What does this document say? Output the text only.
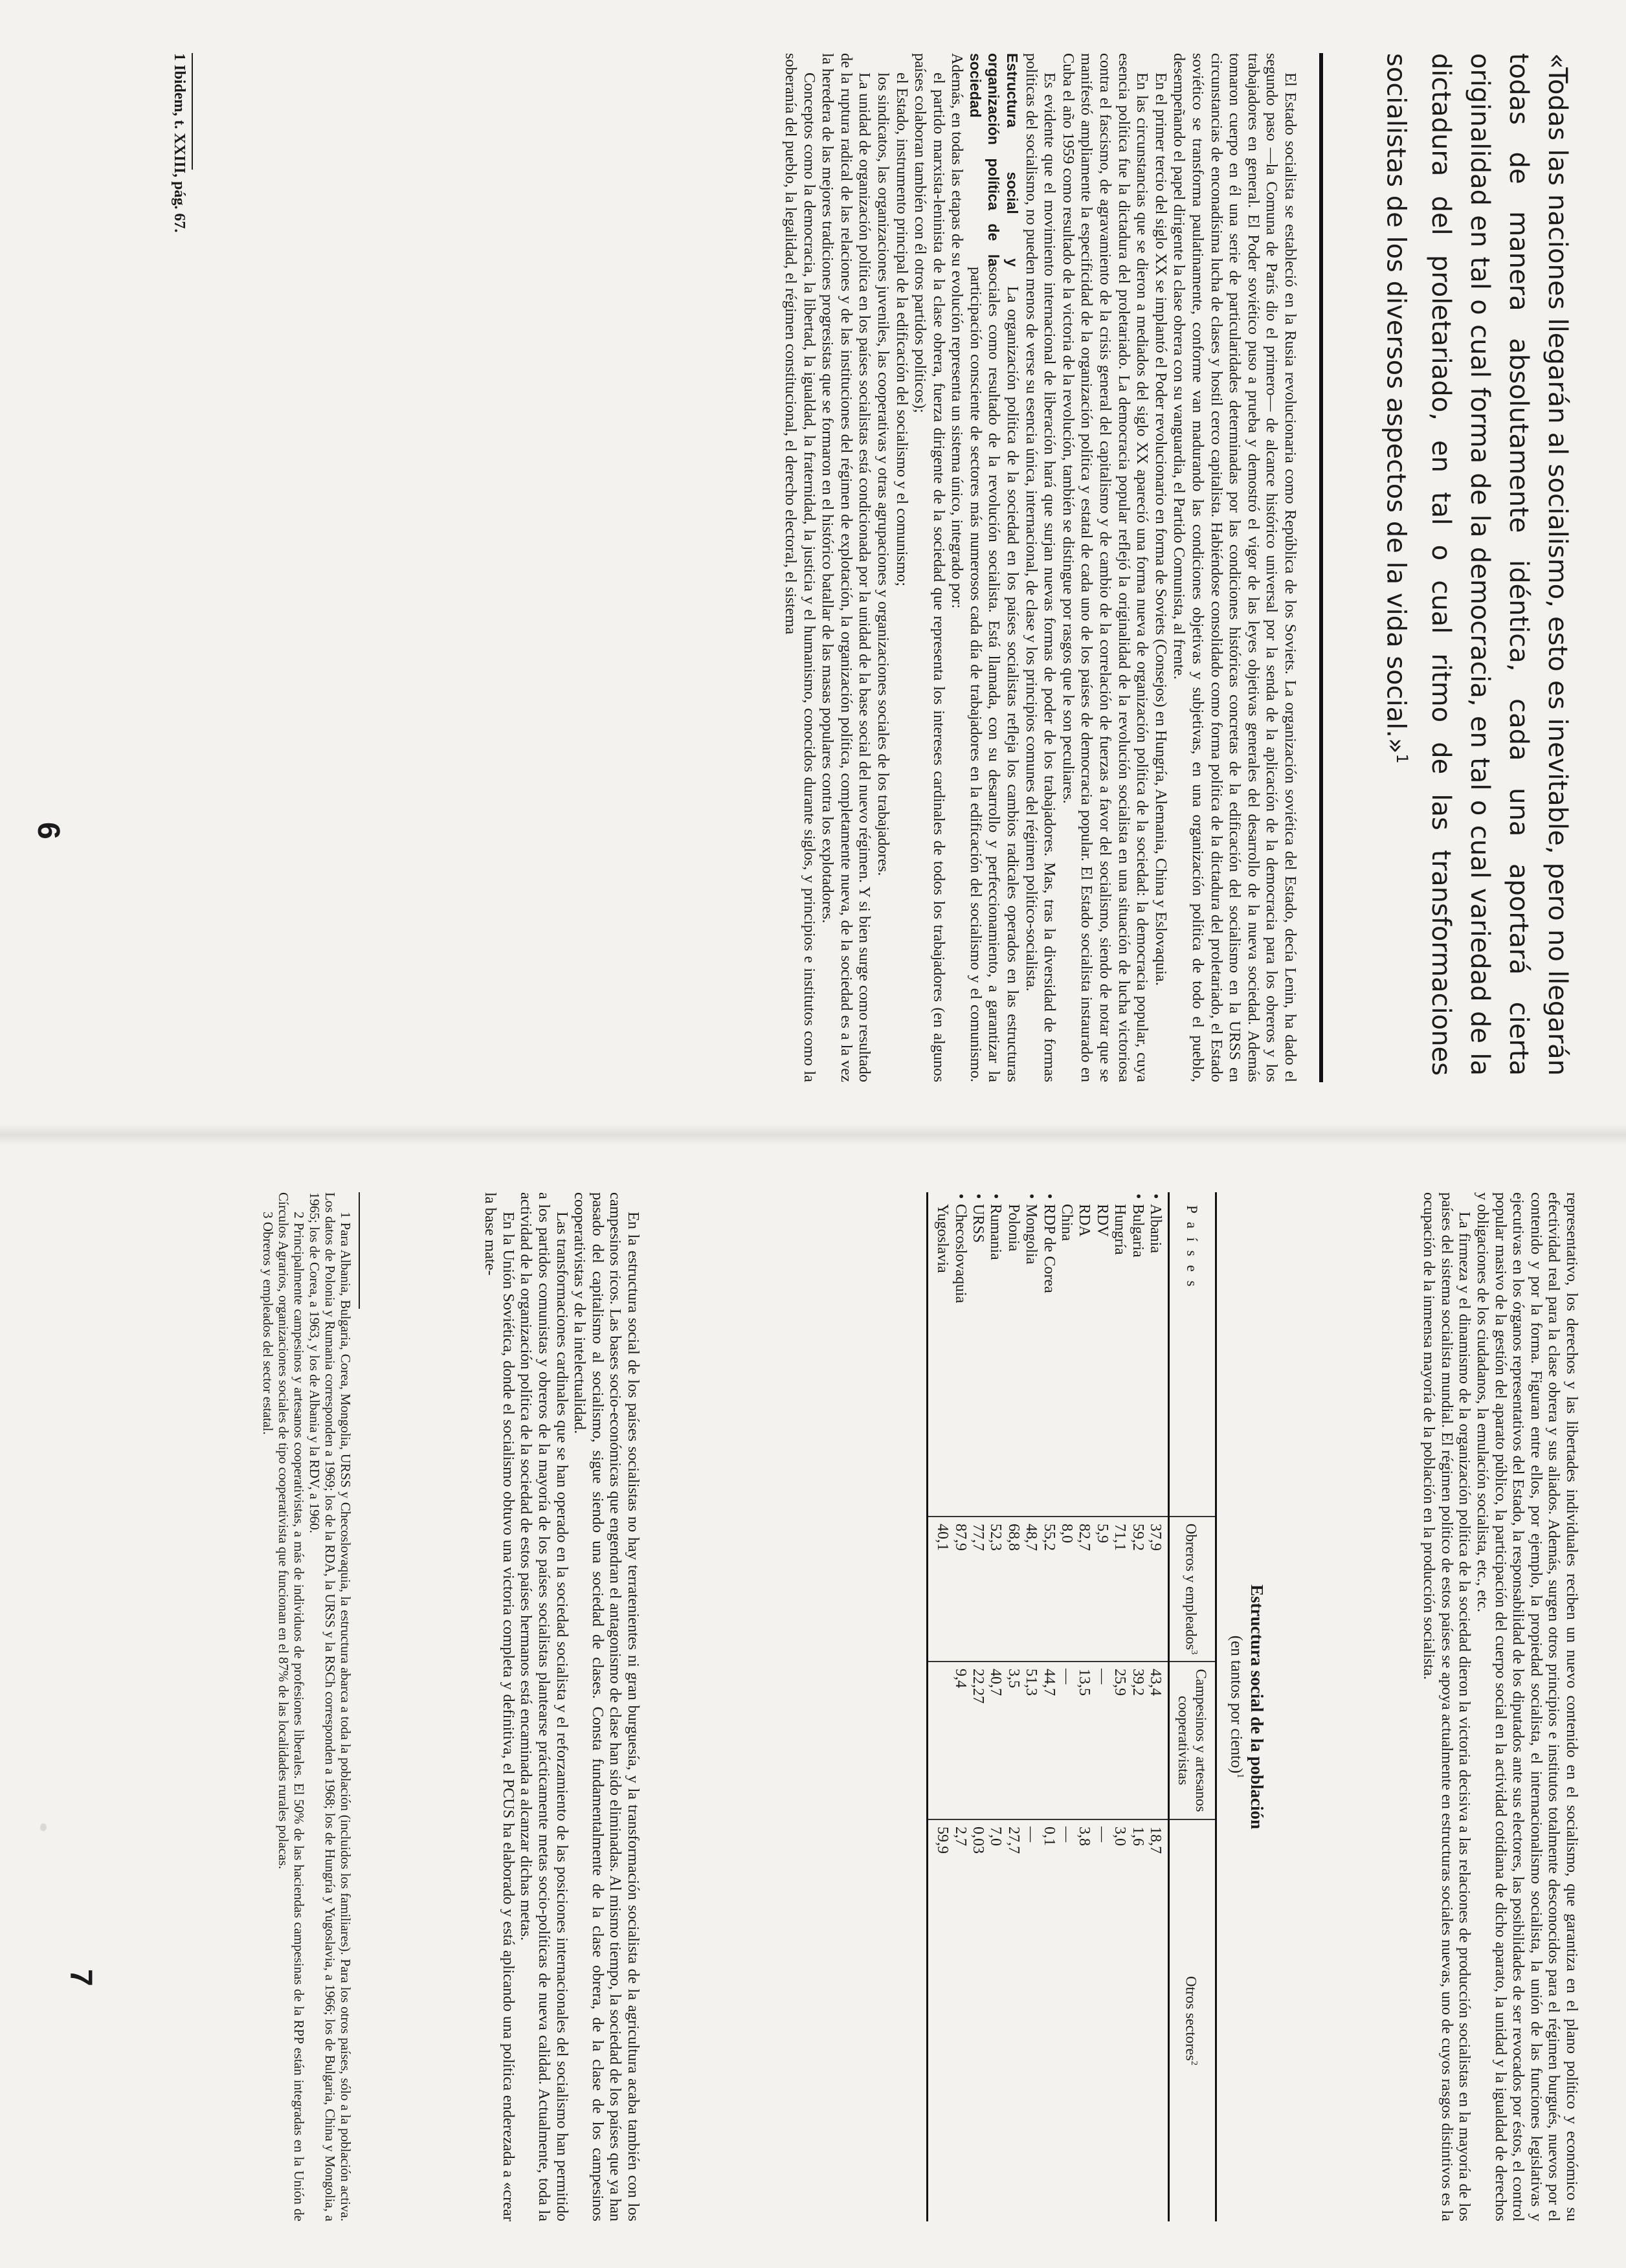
«Todas las naciones llegarán al socialismo, esto es inevitable, pero no llegarán todas de manera absolutamente idéntica, cada una aportará cierta originalidad en tal o cual forma de la democracia, en tal o cual variedad de la dictadura del proletariado, en tal o cual ritmo de las transformaciones socialistas de los diversos aspectos de la vida social.»$^1$

El Estado socialista se estableció en la Rusia revolucionaria como República de los Soviets. La organización soviética del Estado, decía Lenin, ha dado el segundo paso —la Comuna de París dio el primero— de alcance histórico universal por la senda de la aplicación de la democracia para los obreros y los trabajadores en general. El Poder soviético puso a prueba y demostró el vigor de las leyes objetivas generales del desarrollo de la nueva sociedad. Además tomaron cuerpo en él una serie de particularidades determinadas por las condiciones históricas concretas de la edificación del socialismo en la URSS en circunstancias de enconadísima lucha de clases y hostil cerco capitalista. Habiéndose consolidado como forma política de la dictadura del proletariado, el Estado soviético se transforma paulatinamente, conforme van madurando las condiciones objetivas y subjetivas, en una organización política de todo el pueblo, desempeñando el papel dirigente la clase obrera con su vanguardia, el Partido Comunista, al frente.

En el primer tercio del siglo XX se implantó el Poder revolucionario en forma de Soviets (Consejos) en Hungría, Alemania, China y Eslovaquia.

En las circunstancias que se dieron a mediados del siglo XX apareció una forma nueva de organización política de la sociedad: la democracia popular, cuya esencia política fue la dictadura del proletariado. La democracia popular reflejó la originalidad de la revolución socialista en una situación de lucha victoriosa contra el fascismo, de agravamiento de la crisis general del capitalismo y de cambio de la correlación de fuerzas a favor del socialismo, siendo de notar que se manifestó ampliamente la especificidad de la organización política y estatal de cada uno de los países de democracia popular. El Estado socialista instaurado en Cuba el año 1959 como resultado de la victoria de la revolución, también se distingue por rasgos que le son peculiares.

Es evidente que el movimiento internacional de liberación hará que surjan nuevas formas de poder de los trabajadores. Mas, tras la diversidad de formas políticas del socialismo, no pueden menos de verse su esencia única, internacional, de clase y los principios comunes del régimen político-socialista.

Estructura social y organización política de la sociedad

La organización política de la sociedad en los países socialistas refleja los cambios radicales operados en las estructuras sociales como resultado de la revolución socialista. Está llamada, con su desarrollo y perfeccionamiento, a garantizar la participación consciente de sectores más numerosos cada día de trabajadores en la edificación del socialismo y el comunismo. Además, en todas las etapas de su evolución representa un sistema único, integrado por:

el partido marxista-leninista de la clase obrera, fuerza dirigente de la sociedad que representa los intereses cardinales de todos los trabajadores (en algunos países colaboran también con él otros partidos políticos);

el Estado, instrumento principal de la edificación del socialismo y el comunismo;

los sindicatos, las organizaciones juveniles, las cooperativas y otras agrupaciones y organizaciones sociales de los trabajadores.

La unidad de organización política en los países socialistas está condicionada por la unidad de la base social del nuevo régimen. Y si bien surge como resultado de la ruptura radical de las relaciones y de las instituciones del régimen de explotación, la organización política, completamente nueva, de la sociedad es a la vez la heredera de las mejores tradiciones progresistas que se formaron en el histórico batallar de las masas populares contra los explotadores.

Conceptos como la democracia, la libertad, la igualdad, la fraternidad, la justicia y el humanismo, conocidos durante siglos, y principios e institutos como la soberanía del pueblo, la legalidad, el régimen constitucional, el derecho electoral, el sistema

1 Ibidem, t. XXIII, pág. 67.
6

representativo, los derechos y las libertades individuales reciben un nuevo contenido en el socialismo, que garantiza en el plano político y económico su efectividad real para la clase obrera y sus aliados. Además, surgen otros principios e institutos totalmente desconocidos para el régimen burgués, nuevos por el contenido y por la forma. Figuran entre ellos, por ejemplo, la propiedad socialista, el internacionalismo socialista, la unión de las funciones legislativas y ejecutivas en los órganos representativos del Estado, la responsabilidad de los diputados ante sus electores, las posibilidades de ser revocados por éstos, el control popular masivo de la gestión del aparato público, la participación del cuerpo social en la actividad cotidiana de dicho aparato, la unidad y la igualdad de derechos y obligaciones de los ciudadanos, la emulación socialista, etc., etc.

La firmeza y el dinamismo de la organización política de la sociedad dieron la victoria decisiva a las relaciones de producción socialistas en la mayoría de los países del sistema socialista mundial. El régimen político de estos países se apoya actualmente en estructuras sociales nuevas, uno de cuyos rasgos distintivos es la ocupación de la inmensa mayoría de la población en la producción socialista.

Estructura social de la población
(en tantos por ciento)$^1$
P a í s e s	Obreros y empleados$^3$	Campesinos y artesanos cooperativistas	Otros sectores$^2$
•Albania	37,9	43,4	18,7
•Bulgaria	59,2	39,2	1,6
Hungría	71,1	25,9	3,0
RDV	5,9	—	—
RDA	82,7	13,5	3,8
China	8,0	—	—
•RDP de Corea	55,2	44,7	0,1
•Mongolia	48,7	51,3	—
Polonia	68,8	3,5	27,7
•Rumania	52,3	40,7	7,0
•URSS	77,7	22,27	0,03
•Checoslovaquia	87,9	9,4	2,7
Yugoslavia	40,1		59,9

En la estructura social de los países socialistas no hay terratenientes ni gran burguesía, y la transformación socialista de la agricultura acaba también con los campesinos ricos. Las bases socio-económicas que engendran el antagonismo de clase han sido eliminadas. Al mismo tiempo, la sociedad de los países que ya han pasado del capitalismo al socialismo, sigue siendo una sociedad de clases. Consta fundamentalmente de la clase obrera, de la clase de los campesinos cooperativistas y de la intelectualidad.

Las transformaciones cardinales que se han operado en la sociedad socialista y el reforzamiento de las posiciones internacionales del socialismo han permitido a los partidos comunistas y obreros de la mayoría de los países socialistas plantearse prácticamente metas socio-políticas de nueva calidad. Actualmente, toda la actividad de la organización política de la sociedad de estos países hermanos está encaminada a alcanzar dichas metas.

En la Unión Soviética, donde el socialismo obtuvo una victoria completa y definitiva, el PCUS ha elaborado y está aplicando una política enderezada a «crear la base mate-

1 Para Albania, Bulgaria, Corea, Mongolia, URSS y Checoslovaquia, la estructura abarca a toda la población (incluidos los familiares). Para los otros países, sólo a la población activa. Los datos de Polonia y Rumania corresponden a 1969; los de la RDA, la URSS y la RSCh corresponden a 1968; los de Hungría y Yugoslavia, a 1966; los de Bulgaria, China y Mongolia, a 1965; los de Corea, a 1963, y los de Albania y la RDV, a 1960.

2 Principalmente campesinos y artesanos cooperativistas, a más de individuos de profesiones liberales. El 50% de las haciendas campesinas de la RPP están integradas en la Unión de Círculos Agrarios, organizaciones sociales de tipo cooperativista que funcionan en el 87% de las localidades rurales polacas.

3 Obreros y empleados del sector estatal.

7
